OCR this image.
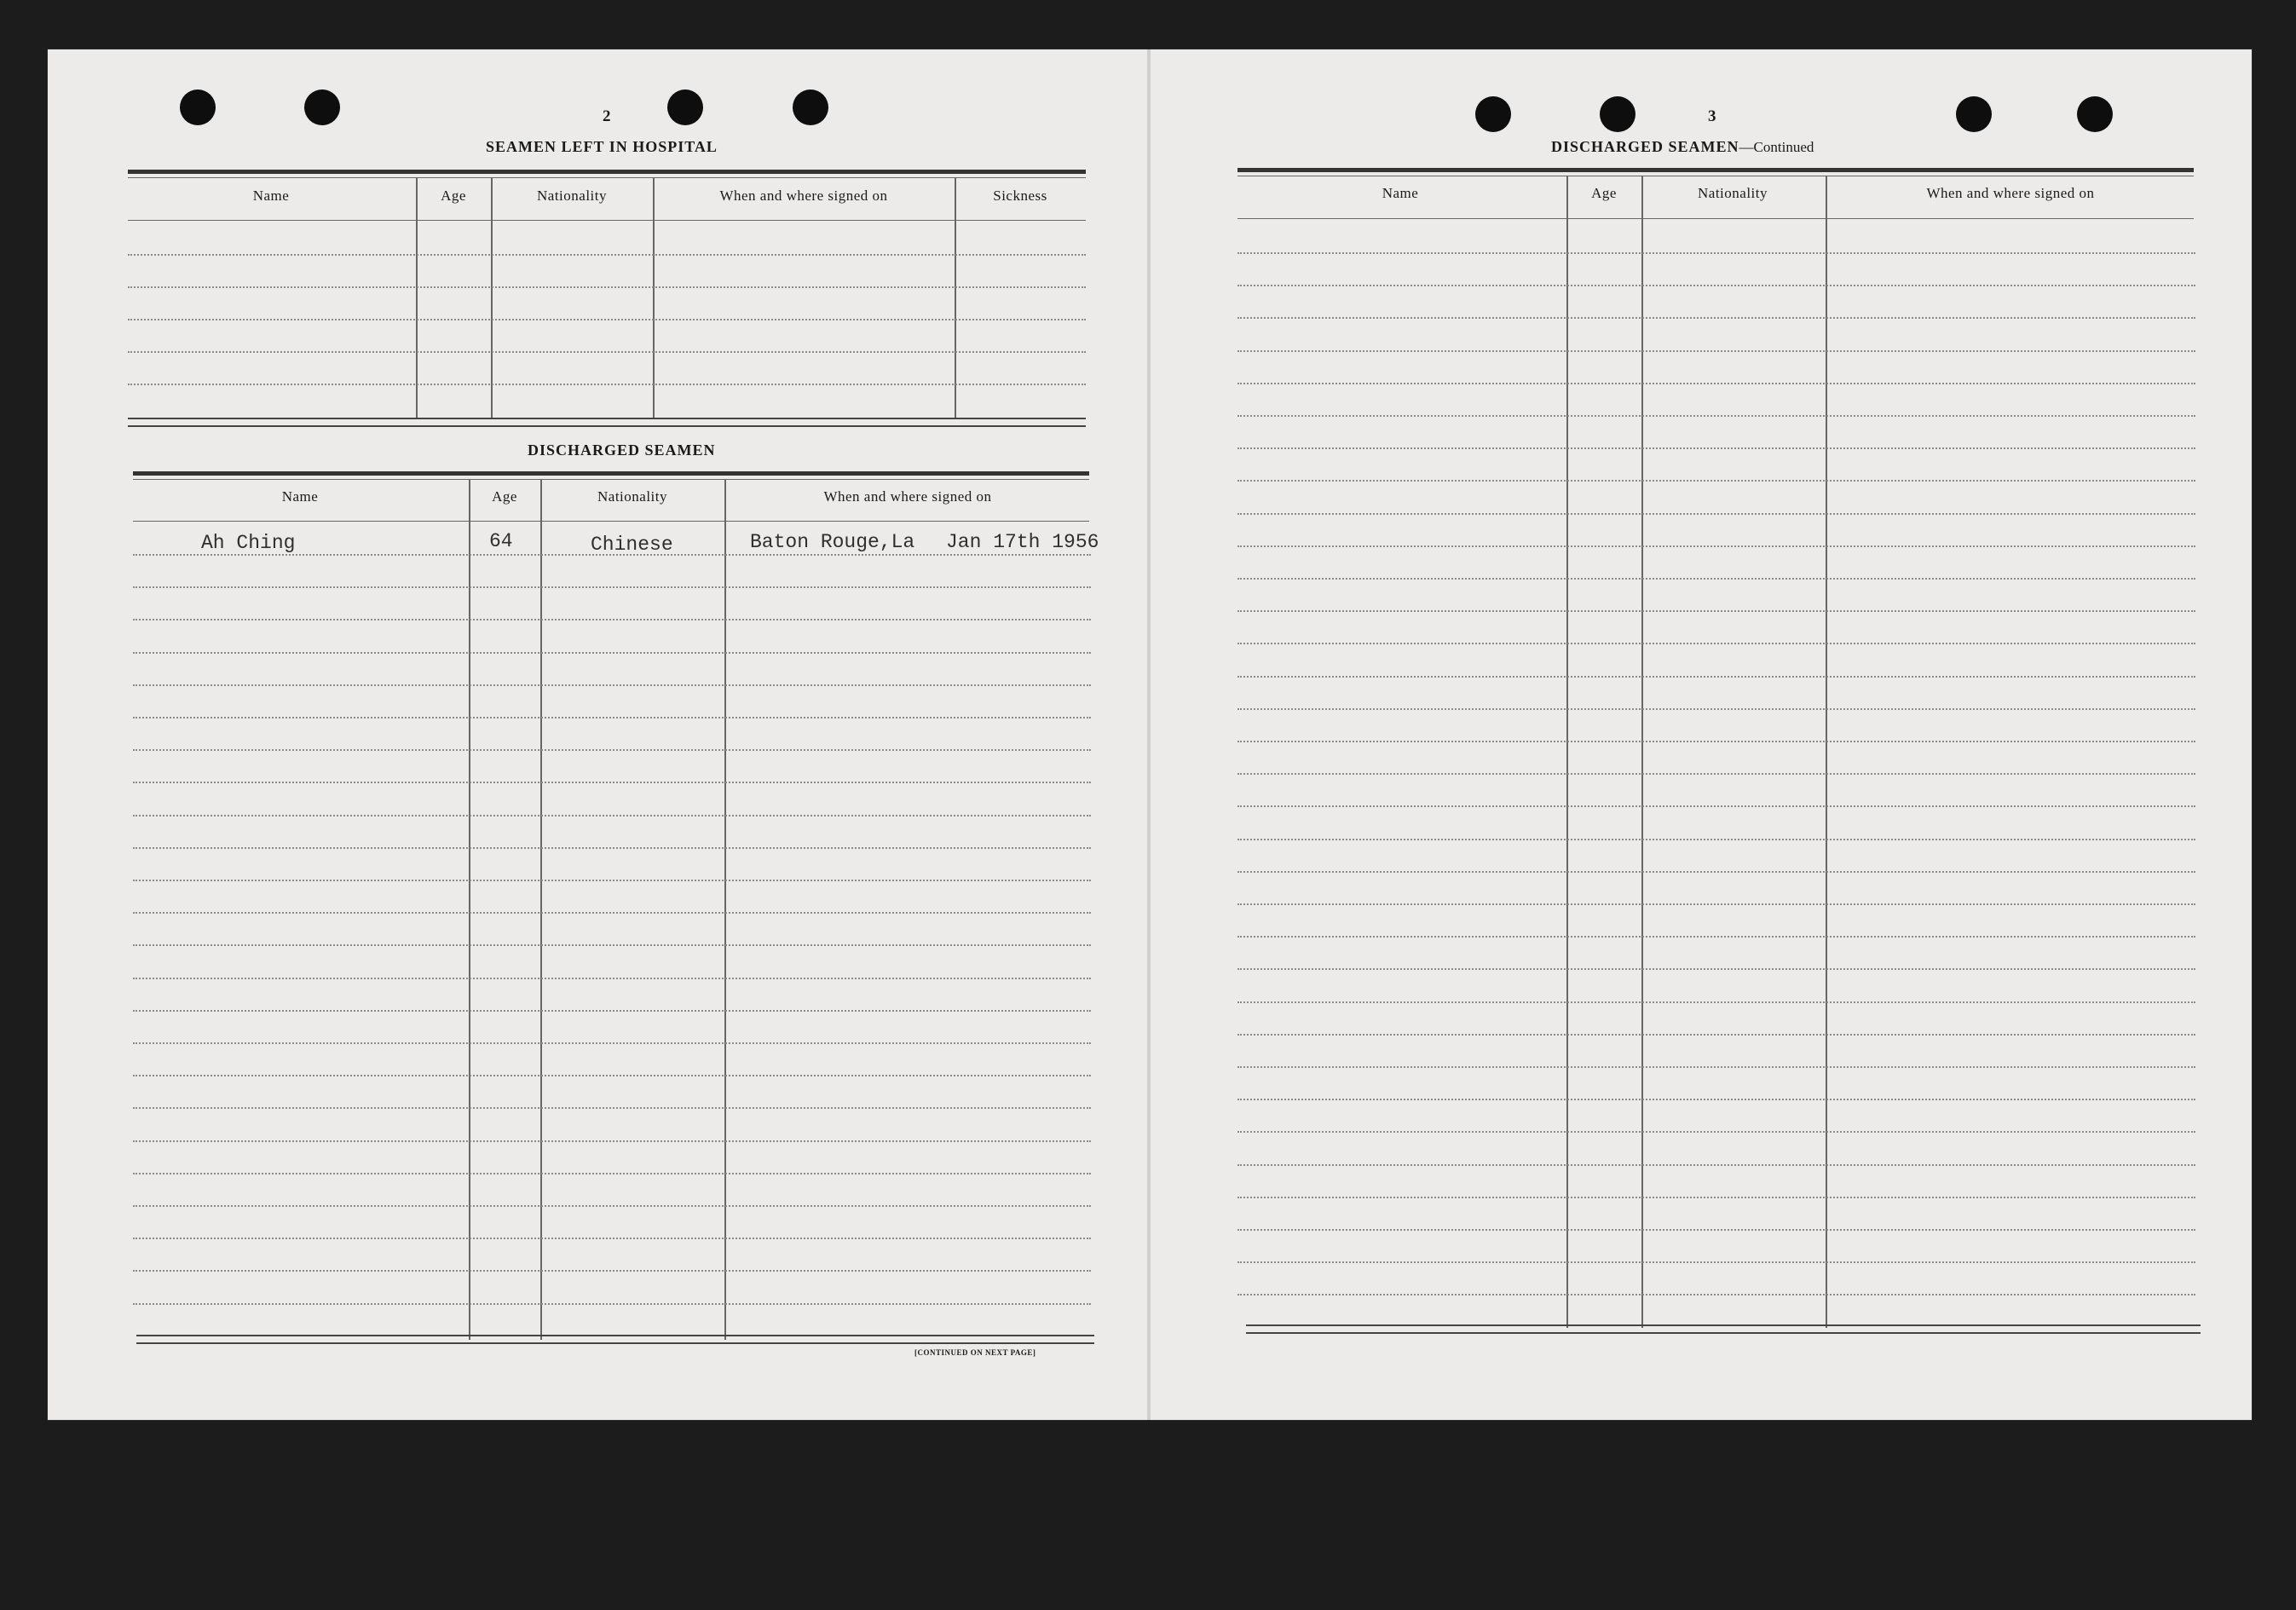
2
SEAMEN LEFT IN HOSPITAL
Name	Age	Nationality	When and where signed on	Sickness
DISCHARGED SEAMEN
Name	Age	Nationality	When and where signed on
Ah Ching	64	Chinese	Baton Rouge,La Jan 17th 1956
[CONTINUED ON NEXT PAGE]
3
DISCHARGED SEAMEN—Continued
Name	Age	Nationality	When and where signed on
